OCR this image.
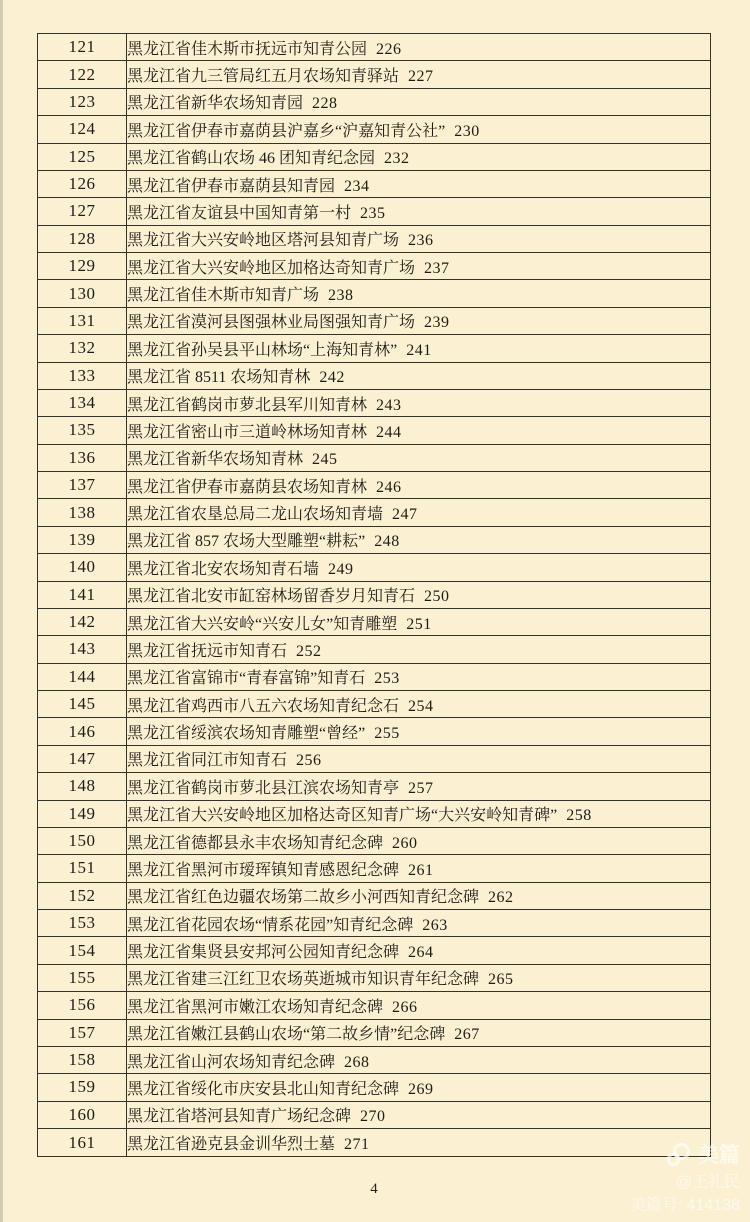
121	黑龙江省佳木斯市抚远市知青公园 226
122	黑龙江省九三管局红五月农场知青驿站 227
123	黑龙江省新华农场知青园 228
124	黑龙江省伊春市嘉荫县沪嘉乡“沪嘉知青公社” 230
125	黑龙江省鹤山农场 46 团知青纪念园 232
126	黑龙江省伊春市嘉荫县知青园 234
127	黑龙江省友谊县中国知青第一村 235
128	黑龙江省大兴安岭地区塔河县知青广场 236
129	黑龙江省大兴安岭地区加格达奇知青广场 237
130	黑龙江省佳木斯市知青广场 238
131	黑龙江省漠河县图强林业局图强知青广场 239
132	黑龙江省孙吴县平山林场“上海知青林” 241
133	黑龙江省 8511 农场知青林 242
134	黑龙江省鹤岗市萝北县军川知青林 243
135	黑龙江省密山市三道岭林场知青林 244
136	黑龙江省新华农场知青林 245
137	黑龙江省伊春市嘉荫县农场知青林 246
138	黑龙江省农垦总局二龙山农场知青墙 247
139	黑龙江省 857 农场大型雕塑“耕耘” 248
140	黑龙江省北安农场知青石墙 249
141	黑龙江省北安市缸窑林场留香岁月知青石 250
142	黑龙江省大兴安岭“兴安儿女”知青雕塑 251
143	黑龙江省抚远市知青石 252
144	黑龙江省富锦市“青春富锦”知青石 253
145	黑龙江省鸡西市八五六农场知青纪念石 254
146	黑龙江省绥滨农场知青雕塑“曾经” 255
147	黑龙江省同江市知青石 256
148	黑龙江省鹤岗市萝北县江滨农场知青亭 257
149	黑龙江省大兴安岭地区加格达奇区知青广场“大兴安岭知青碑” 258
150	黑龙江省德都县永丰农场知青纪念碑 260
151	黑龙江省黑河市瑷珲镇知青感恩纪念碑 261
152	黑龙江省红色边疆农场第二故乡小河西知青纪念碑 262
153	黑龙江省花园农场“情系花园”知青纪念碑 263
154	黑龙江省集贤县安邦河公园知青纪念碑 264
155	黑龙江省建三江红卫农场英逝城市知识青年纪念碑 265
156	黑龙江省黑河市嫩江农场知青纪念碑 266
157	黑龙江省嫩江县鹤山农场“第二故乡情”纪念碑 267
158	黑龙江省山河农场知青纪念碑 268
159	黑龙江省绥化市庆安县北山知青纪念碑 269
160	黑龙江省塔河县知青广场纪念碑 270
161	黑龙江省逊克县金训华烈士墓 271
4
美篇
@王礼民
美篇号: 414138
